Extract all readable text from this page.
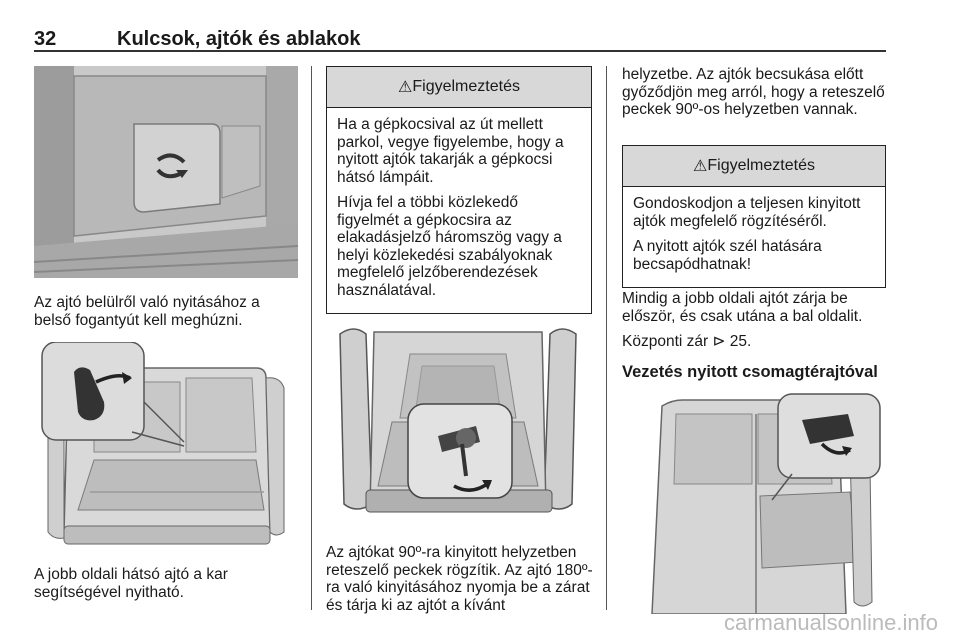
32	Kulcsok, ajtók és ablakok

Az ajtó belülről való nyitásához a belső fogantyút kell meghúzni.

A jobb oldali hátsó ajtó a kar segítségével nyitható.

⚠ Figyelmeztetés

Ha a gépkocsival az út mellett parkol, vegye figyelembe, hogy a nyitott ajtók takarják a gépkocsi hátsó lámpáit.

Hívja fel a többi közlekedő figyelmét a gépkocsira az elakadásjelző háromszög vagy a helyi közlekedési szabályoknak megfelelő jelzőberendezések használatával.

Az ajtókat 90º-ra kinyitott helyzetben reteszelő peckek rögzítik. Az ajtó 180º-ra való kinyitásához nyomja be a zárat és tárja ki az ajtót a kívánt

helyzetbe. Az ajtók becsukása előtt győződjön meg arról, hogy a reteszelő peckek 90º-os helyzetben vannak.

⚠ Figyelmeztetés

Gondoskodjon a teljesen kinyitott ajtók megfelelő rögzítéséről.

A nyitott ajtók szél hatására becsapódhatnak!

Mindig a jobb oldali ajtót zárja be először, és csak utána a bal oldalit.

Központi zár ⊳ 25.

Vezetés nyitott csomagtérajtóval

carmanualsonline.info
